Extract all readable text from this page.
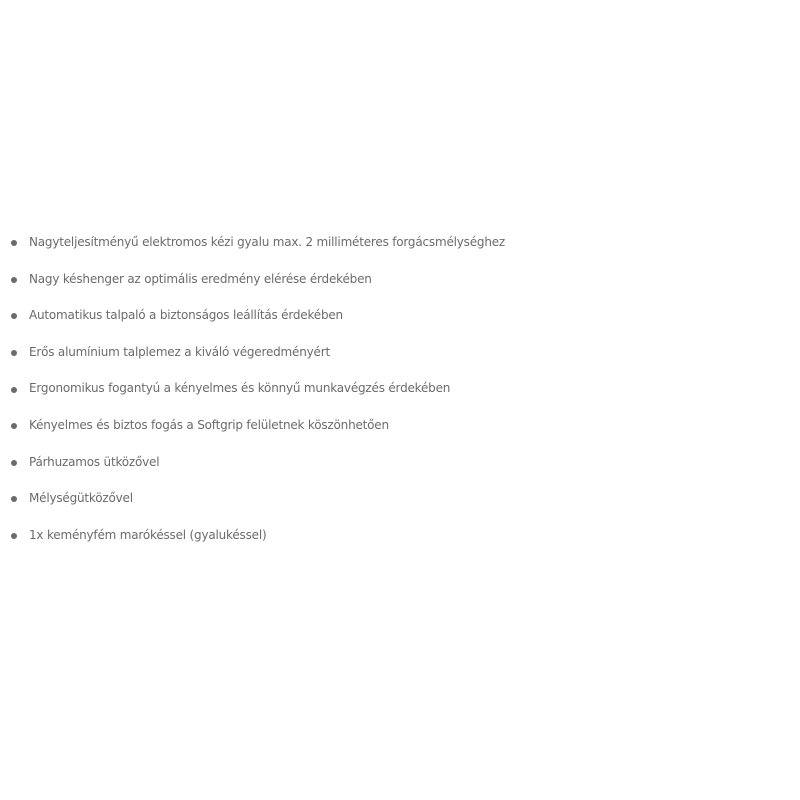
Nagyteljesítményű elektromos kézi gyalu max. 2 milliméteres forgácsmélységhez
Nagy késhenger az optimális eredmény elérése érdekében
Automatikus talpaló a biztonságos leállítás érdekében
Erős alumínium talplemez a kiváló végeredményért
Ergonomikus fogantyú a kényelmes és könnyű munkavégzés érdekében
Kényelmes és biztos fogás a Softgrip felületnek köszönhetően
Párhuzamos ütközővel
Mélységütközővel
1x keményfém marókéssel (gyalukéssel)
